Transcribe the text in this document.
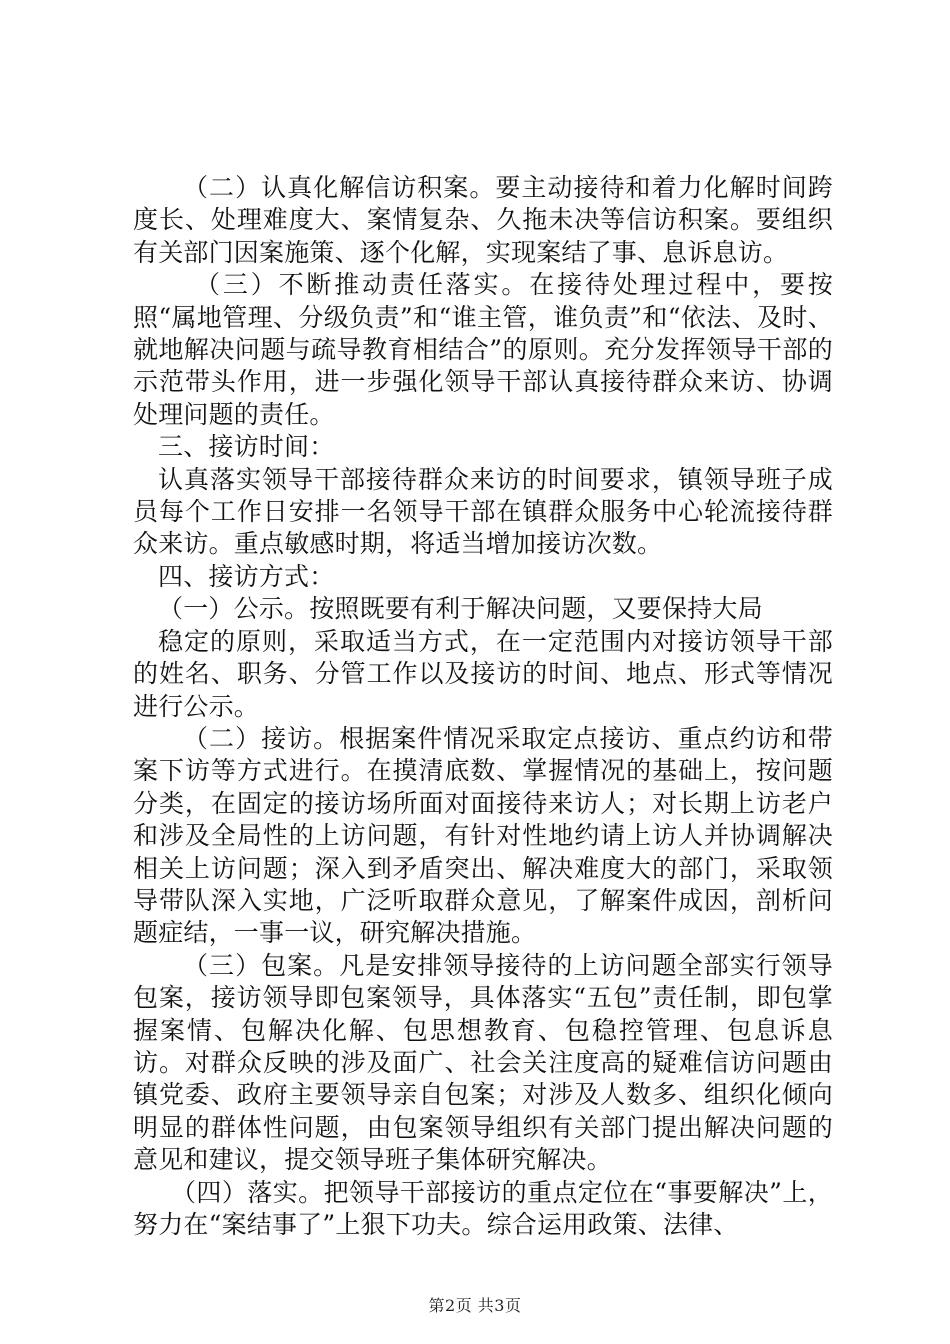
（二）认真化解信访积案。要主动接待和着力化解时间跨度长、处理难度大、案情复杂、久拖未决等信访积案。要组织有关部门因案施策、逐个化解，实现案结了事、息诉息访。

（三）不断推动责任落实。在接待处理过程中，要按照“属地管理、分级负责”和“谁主管，谁负责”和“依法、及时、就地解决问题与疏导教育相结合”的原则。充分发挥领导干部的示范带头作用，进一步强化领导干部认真接待群众来访、协调处理问题的责任。

三、接访时间：

认真落实领导干部接待群众来访的时间要求，镇领导班子成员每个工作日安排一名领导干部在镇群众服务中心轮流接待群众来访。重点敏感时期，将适当增加接访次数。

四、接访方式：

（一）公示。按照既要有利于解决问题，又要保持大局

稳定的原则，采取适当方式，在一定范围内对接访领导干部的姓名、职务、分管工作以及接访的时间、地点、形式等情况进行公示。

（二）接访。根据案件情况采取定点接访、重点约访和带案下访等方式进行。在摸清底数、掌握情况的基础上，按问题分类，在固定的接访场所面对面接待来访人；对长期上访老户和涉及全局性的上访问题，有针对性地约请上访人并协调解决相关上访问题；深入到矛盾突出、解决难度大的部门，采取领导带队深入实地，广泛听取群众意见，了解案件成因，剖析问题症结，一事一议，研究解决措施。

（三）包案。凡是安排领导接待的上访问题全部实行领导包案，接访领导即包案领导，具体落实“五包”责任制，即包掌握案情、包解决化解、包思想教育、包稳控管理、包息诉息访。对群众反映的涉及面广、社会关注度高的疑难信访问题由镇党委、政府主要领导亲自包案；对涉及人数多、组织化倾向明显的群体性问题，由包案领导组织有关部门提出解决问题的意见和建议，提交领导班子集体研究解决。

（四）落实。把领导干部接访的重点定位在“事要解决”上，努力在“案结事了”上狠下功夫。综合运用政策、法律、

第2页 共3页
